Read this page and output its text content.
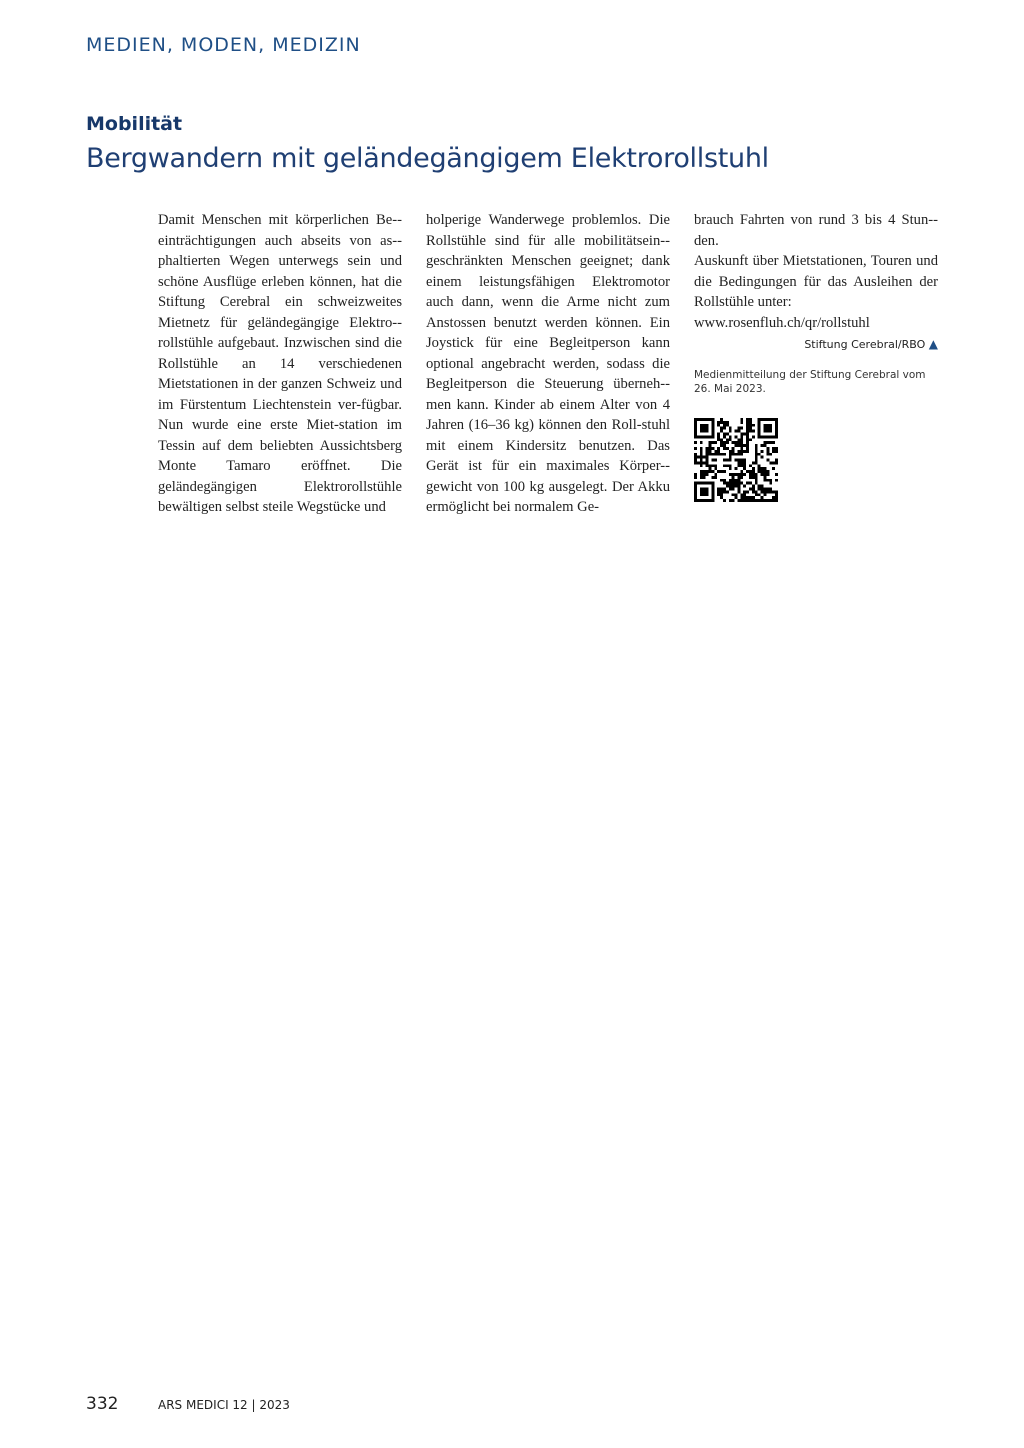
MEDIEN, MODEN, MEDIZIN
Mobilität
Bergwandern mit geländegängigem Elektrorollstuhl

Damit Menschen mit körperlichen Be-einträchtigungen auch abseits von as-phaltierten Wegen unterwegs sein und schöne Ausflüge erleben können, hat die Stiftung Cerebral ein schweizweites Mietnetz für geländegängige Elektro-rollstühle aufgebaut. Inzwischen sind die Rollstühle an 14 verschiedenen Mietstationen in der ganzen Schweiz und im Fürstentum Liechtenstein ver-fügbar. Nun wurde eine erste Miet-station im Tessin auf dem beliebten Aussichtsberg Monte Tamaro eröffnet. Die geländegängigen Elektrorollstühle bewältigen selbst steile Wegstücke und

holperige Wanderwege problemlos. Die Rollstühle sind für alle mobilitätsein-geschränkten Menschen geeignet; dank einem leistungsfähigen Elektromotor auch dann, wenn die Arme nicht zum Anstossen benutzt werden können. Ein Joystick für eine Begleitperson kann optional angebracht werden, sodass die Begleitperson die Steuerung überneh-men kann. Kinder ab einem Alter von 4 Jahren (16–36 kg) können den Roll-stuhl mit einem Kindersitz benutzen. Das Gerät ist für ein maximales Körper-gewicht von 100 kg ausgelegt. Der Akku ermöglicht bei normalem Ge-

brauch Fahrten von rund 3 bis 4 Stun-den.

Auskunft über Mietstationen, Touren und die Bedingungen für das Ausleihen der Rollstühle unter:

www.rosenfluh.ch/qr/rollstuhl

Stiftung Cerebral/RBO ▲
Medienmitteilung der Stiftung Cerebral vom 26. Mai 2023.
332	ARS MEDICI 12 | 2023
